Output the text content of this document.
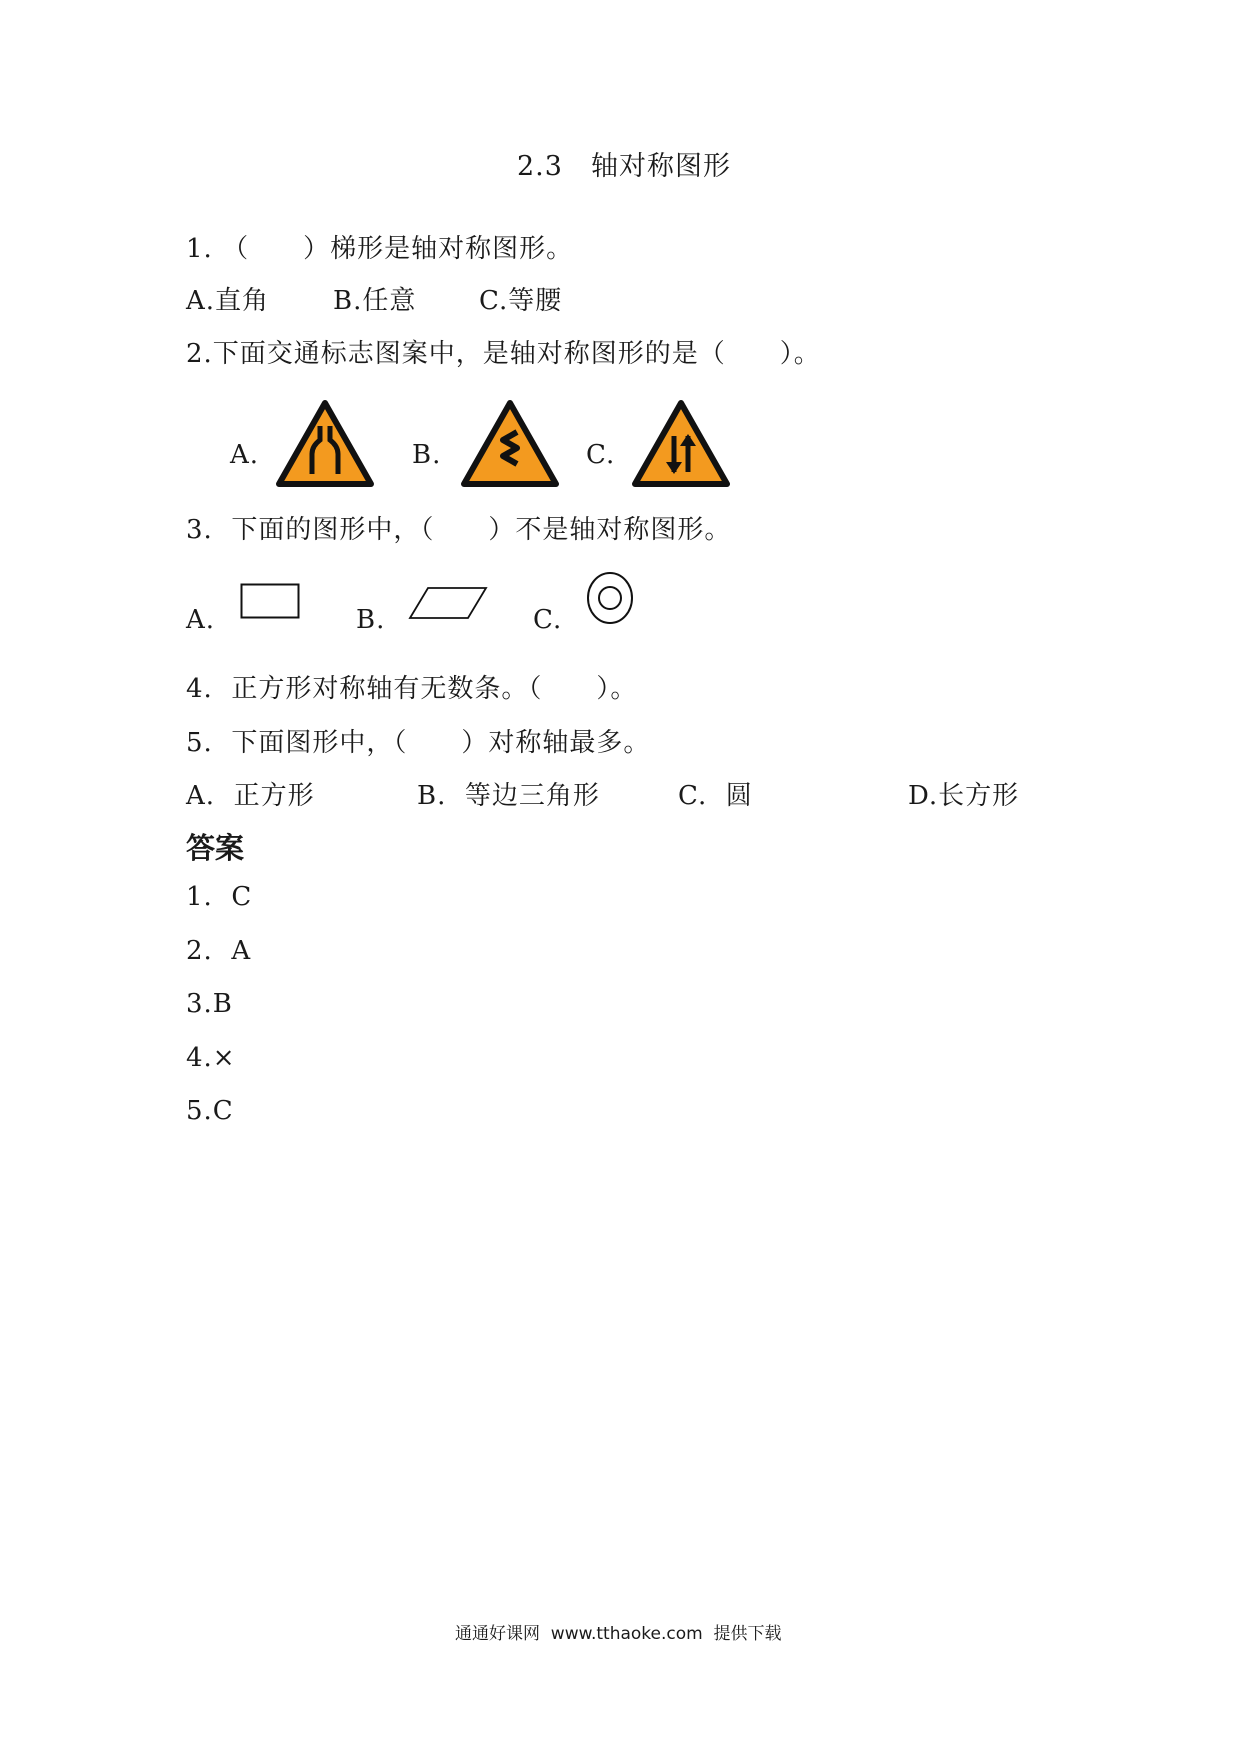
2.3　轴对称图形
1. （　　）梯形是轴对称图形。
A.直角 B.任意 C.等腰
2.下面交通标志图案中，是轴对称图形的是（　　）。
A.	B.	C.
3.  下面的图形中，（　　）不是轴对称图形。
A.	B.	C.
4.  正方形对称轴有无数条。（　　）。
5.  下面图形中，（　　）对称轴最多。
A.  正方形	B.  等边三角形	C.  圆	D.长方形
答案
1.  C
2.  A
3.B
4.×
5.C
通通好课网  www.tthaoke.com  提供下载
